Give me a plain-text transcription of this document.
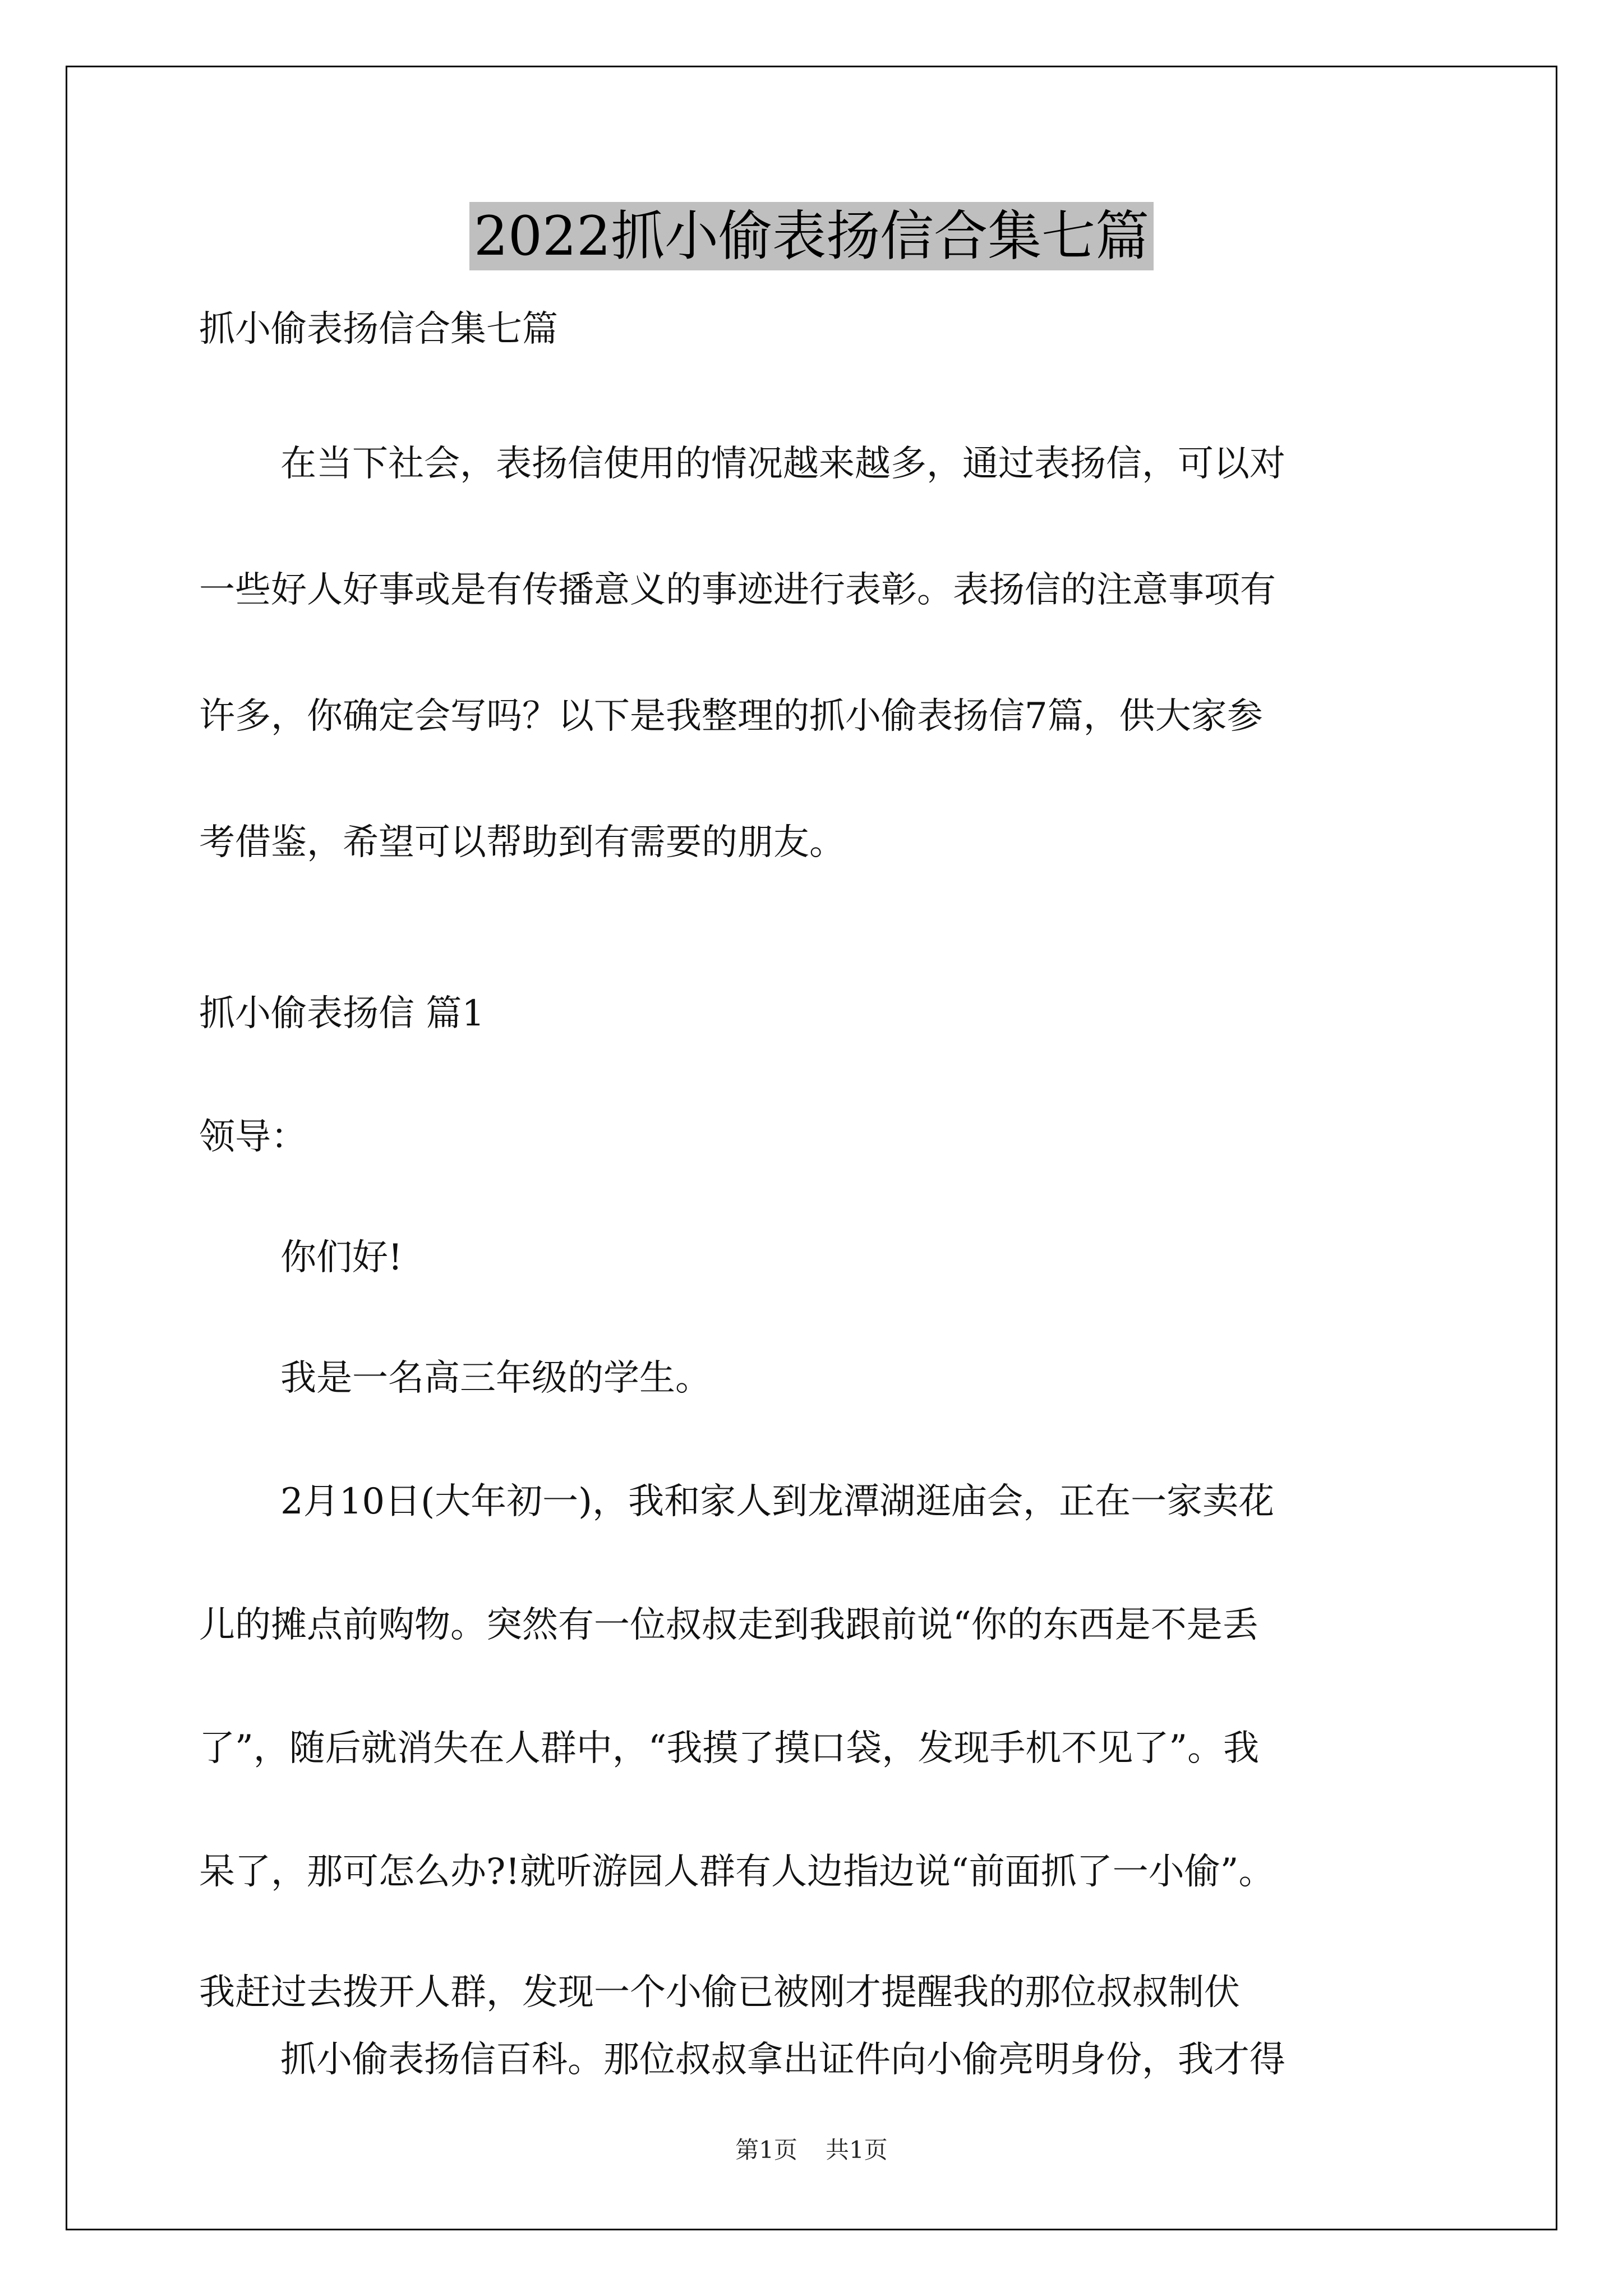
2022抓小偷表扬信合集七篇
抓小偷表扬信合集七篇
在当下社会，表扬信使用的情况越来越多，通过表扬信，可以对
一些好人好事或是有传播意义的事迹进行表彰。表扬信的注意事项有
许多，你确定会写吗？以下是我整理的抓小偷表扬信7篇，供大家参
考借鉴，希望可以帮助到有需要的朋友。
抓小偷表扬信 篇1
领导：
你们好!
我是一名高三年级的学生。
2月10日(大年初一)，我和家人到龙潭湖逛庙会，正在一家卖花
儿的摊点前购物。突然有一位叔叔走到我跟前说“你的东西是不是丢
了”，随后就消失在人群中，“我摸了摸口袋，发现手机不见了”。我
呆了，那可怎么办?!就听游园人群有人边指边说“前面抓了一小偷”。
我赶过去拨开人群，发现一个小偷已被刚才提醒我的那位叔叔制伏
第1页 共1页
抓小偷表扬信百科。那位叔叔拿出证件向小偷亮明身份，我才得
